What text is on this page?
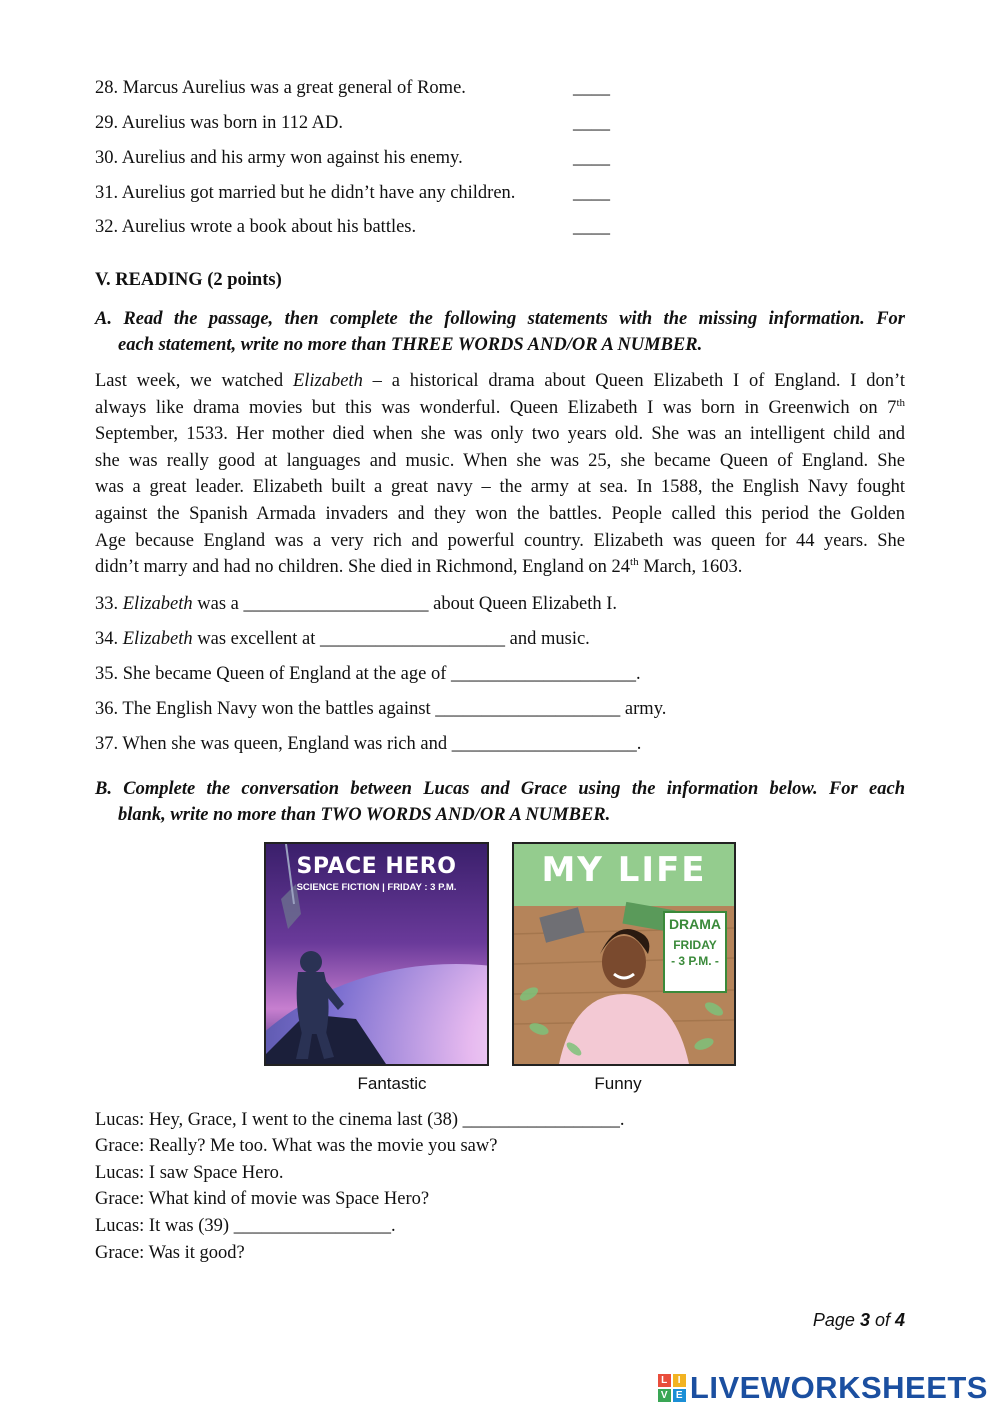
28. Marcus Aurelius was a great general of Rome.	____
29. Aurelius was born in 112 AD.	____
30. Aurelius and his army won against his enemy.	____
31. Aurelius got married but he didn’t have any children.	____
32. Aurelius wrote a book about his battles.	____
V. READING (2 points)
A. Read the passage, then complete the following statements with the missing information. For
each statement, write no more than THREE WORDS AND/OR A NUMBER.
Last week, we watched Elizabeth – a historical drama about Queen Elizabeth I of England. I don’t
always like drama movies but this was wonderful. Queen Elizabeth I was born in Greenwich on 7th
September, 1533. Her mother died when she was only two years old. She was an intelligent child and
she was really good at languages and music. When she was 25, she became Queen of England. She
was a great leader. Elizabeth built a great navy – the army at sea. In 1588, the English Navy fought
against the Spanish Armada invaders and they won the battles. People called this period the Golden
Age because England was a very rich and powerful country. Elizabeth was queen for 44 years. She
didn’t marry and had no children. She died in Richmond, England on 24th March, 1603.
33. Elizabeth was a ____________________ about Queen Elizabeth I.
34. Elizabeth was excellent at ____________________ and music.
35. She became Queen of England at the age of ____________________.
36. The English Navy won the battles against ____________________ army.
37. When she was queen, England was rich and ____________________.
B. Complete the conversation between Lucas and Grace using the information below. For each
blank, write no more than TWO WORDS AND/OR A NUMBER.
SPACE HERO
SCIENCE FICTION | FRIDAY : 3 P.M.	MY LIFE
DRAMA
FRIDAY
- 3 P.M. -
Fantastic	Funny
Lucas: Hey, Grace, I went to the cinema last (38) _________________.
Grace: Really? Me too. What was the movie you saw?
Lucas: I saw Space Hero.
Grace: What kind of movie was Space Hero?
Lucas: It was (39) _________________.
Grace: Was it good?
Page 3 of 4
L	I
V E LIVEWORKSHEETS
